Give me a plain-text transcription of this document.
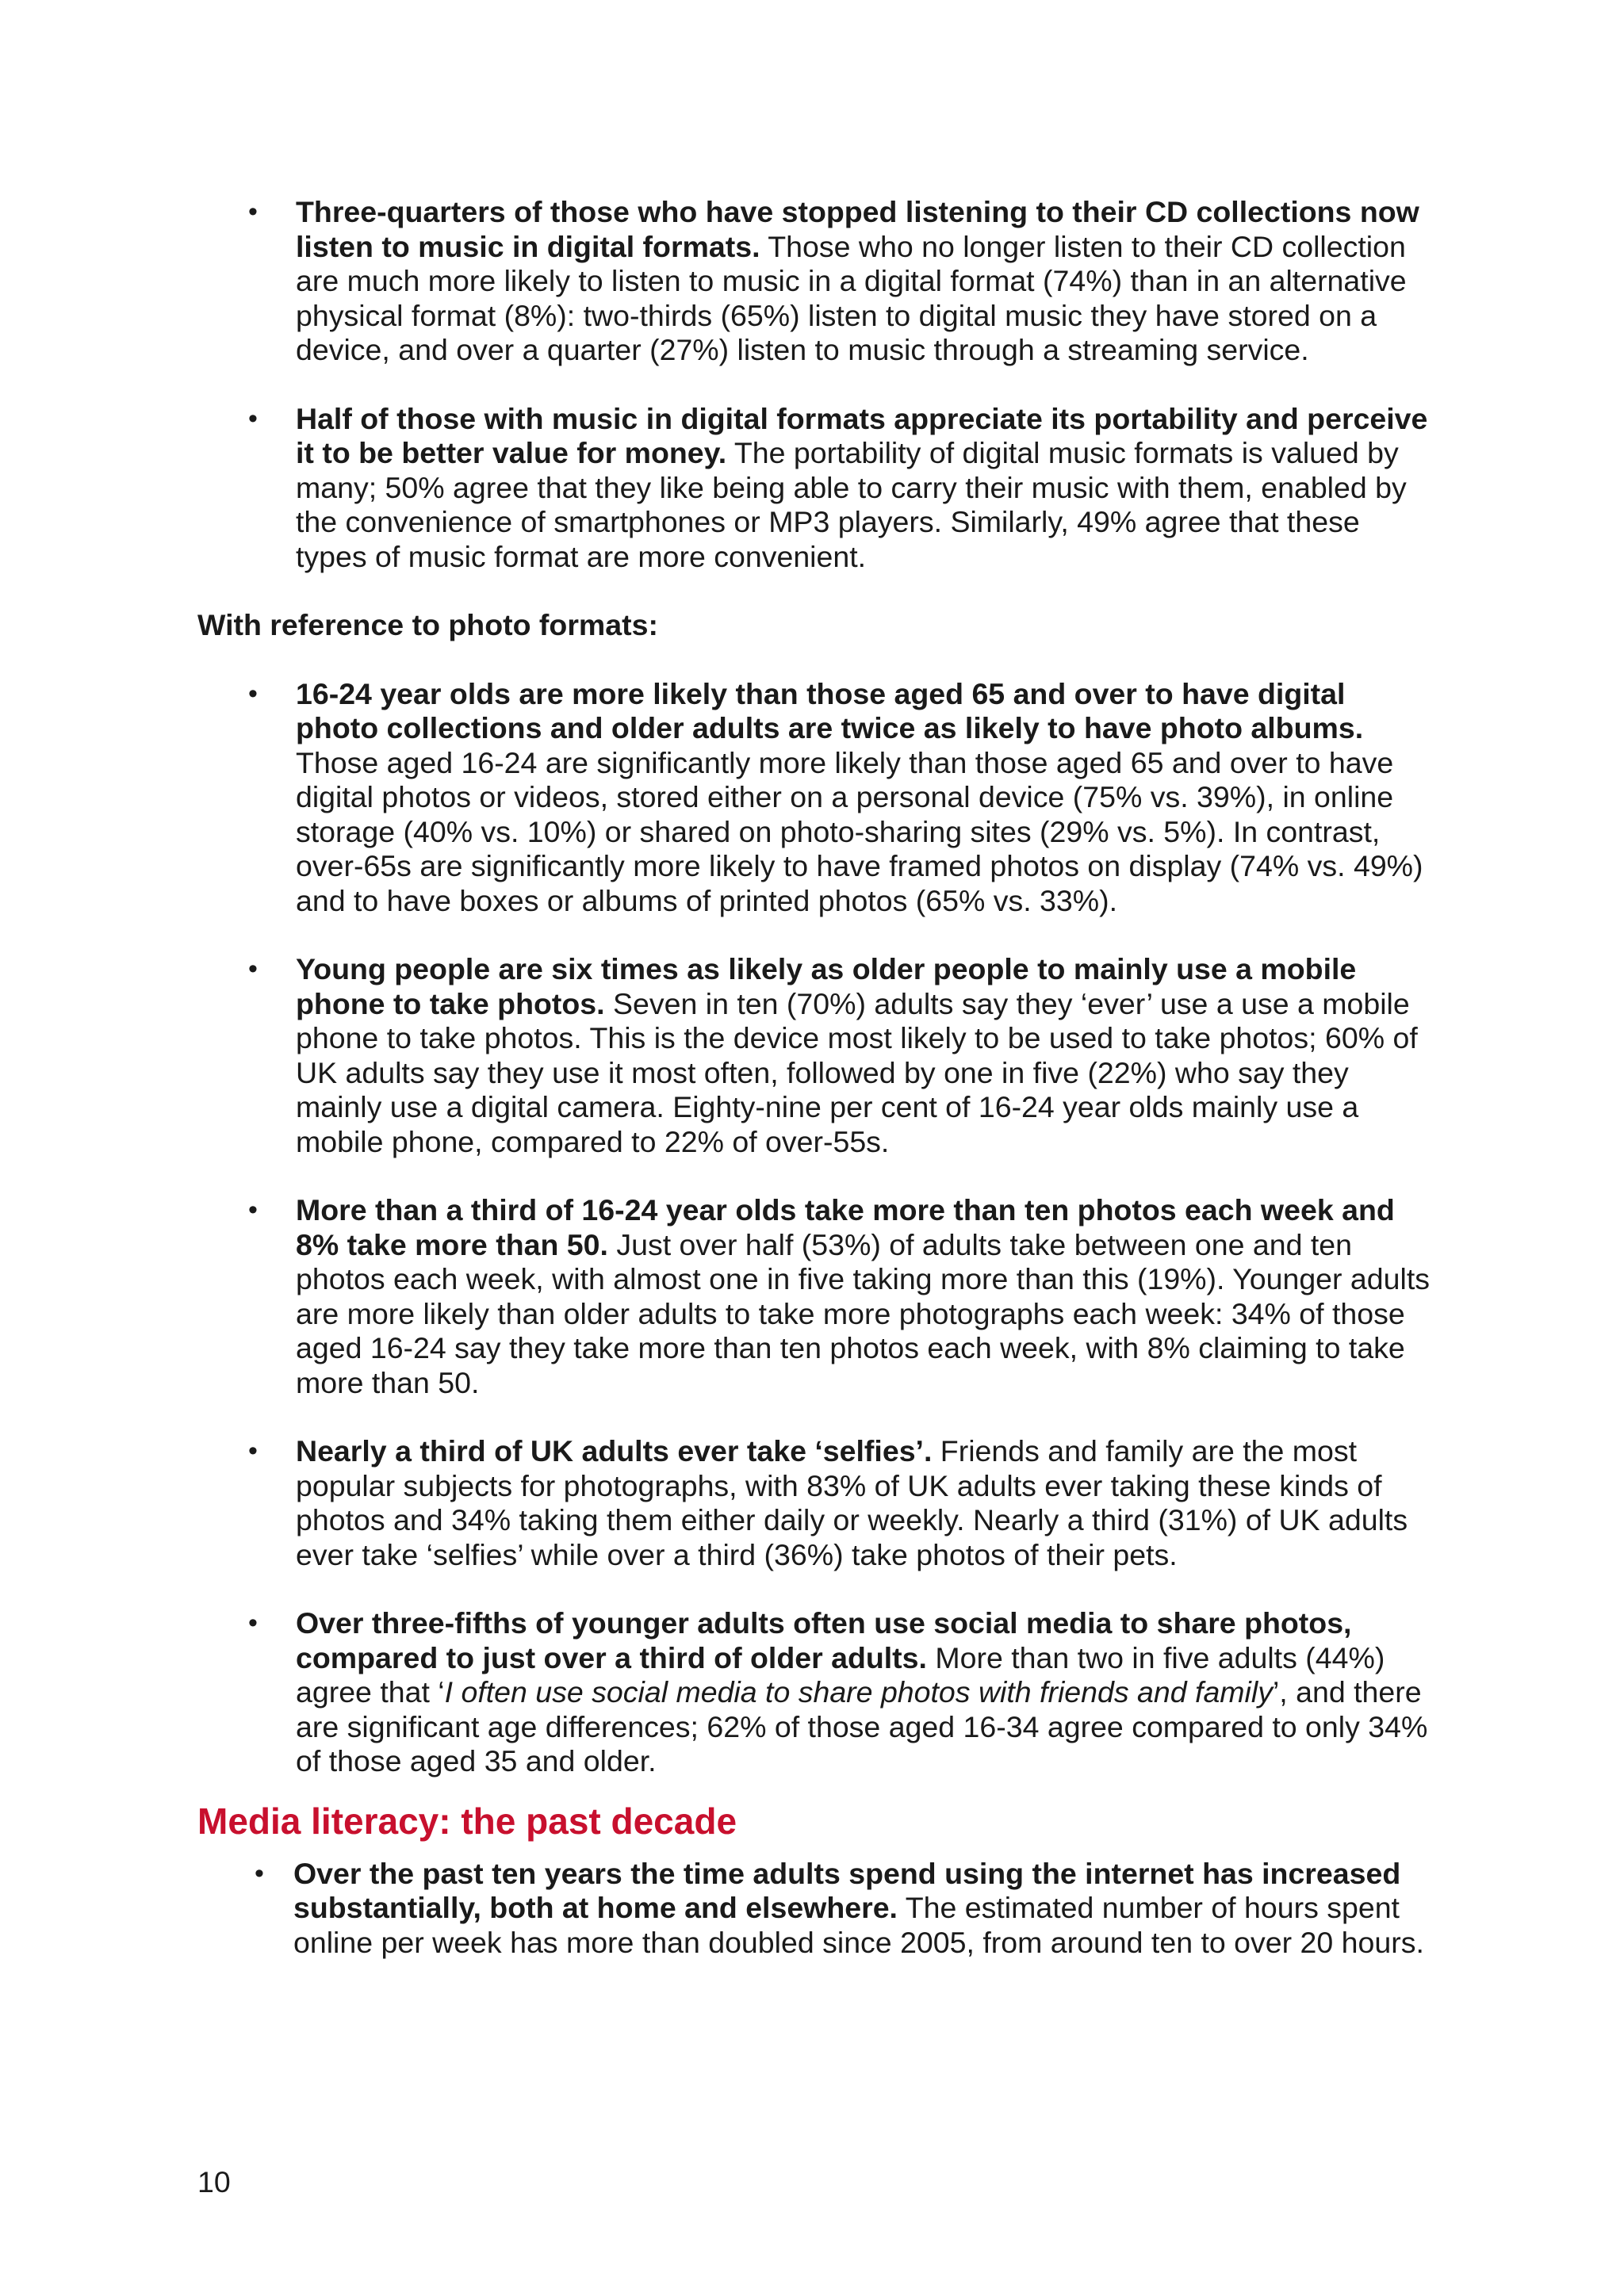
• Three-quarters of those who have stopped listening to their CD collections now listen to music in digital formats. Those who no longer listen to their CD collection are much more likely to listen to music in a digital format (74%) than in an alternative physical format (8%): two-thirds (65%) listen to digital music they have stored on a device, and over a quarter (27%) listen to music through a streaming service.
• Half of those with music in digital formats appreciate its portability and perceive it to be better value for money. The portability of digital music formats is valued by many; 50% agree that they like being able to carry their music with them, enabled by the convenience of smartphones or MP3 players. Similarly, 49% agree that these types of music format are more convenient.

With reference to photo formats:

• 16-24 year olds are more likely than those aged 65 and over to have digital photo collections and older adults are twice as likely to have photo albums. Those aged 16-24 are significantly more likely than those aged 65 and over to have digital photos or videos, stored either on a personal device (75% vs. 39%), in online storage (40% vs. 10%) or shared on photo-sharing sites (29% vs. 5%). In contrast, over-65s are significantly more likely to have framed photos on display (74% vs. 49%) and to have boxes or albums of printed photos (65% vs. 33%).
• Young people are six times as likely as older people to mainly use a mobile phone to take photos. Seven in ten (70%) adults say they ‘ever’ use a use a mobile phone to take photos. This is the device most likely to be used to take photos; 60% of UK adults say they use it most often, followed by one in five (22%) who say they mainly use a digital camera. Eighty-nine per cent of 16-24 year olds mainly use a mobile phone, compared to 22% of over-55s.
• More than a third of 16-24 year olds take more than ten photos each week and 8% take more than 50. Just over half (53%) of adults take between one and ten photos each week, with almost one in five taking more than this (19%). Younger adults are more likely than older adults to take more photographs each week: 34% of those aged 16-24 say they take more than ten photos each week, with 8% claiming to take more than 50.
• Nearly a third of UK adults ever take ‘selfies’. Friends and family are the most popular subjects for photographs, with 83% of UK adults ever taking these kinds of photos and 34% taking them either daily or weekly. Nearly a third (31%) of UK adults ever take ‘selfies’ while over a third (36%) take photos of their pets.
• Over three-fifths of younger adults often use social media to share photos, compared to just over a third of older adults. More than two in five adults (44%) agree that ‘I often use social media to share photos with friends and family’, and there are significant age differences; 62% of those aged 16-34 agree compared to only 34% of those aged 35 and older.
Media literacy: the past decade
• Over the past ten years the time adults spend using the internet has increased substantially, both at home and elsewhere. The estimated number of hours spent online per week has more than doubled since 2005, from around ten to over 20 hours.
10
